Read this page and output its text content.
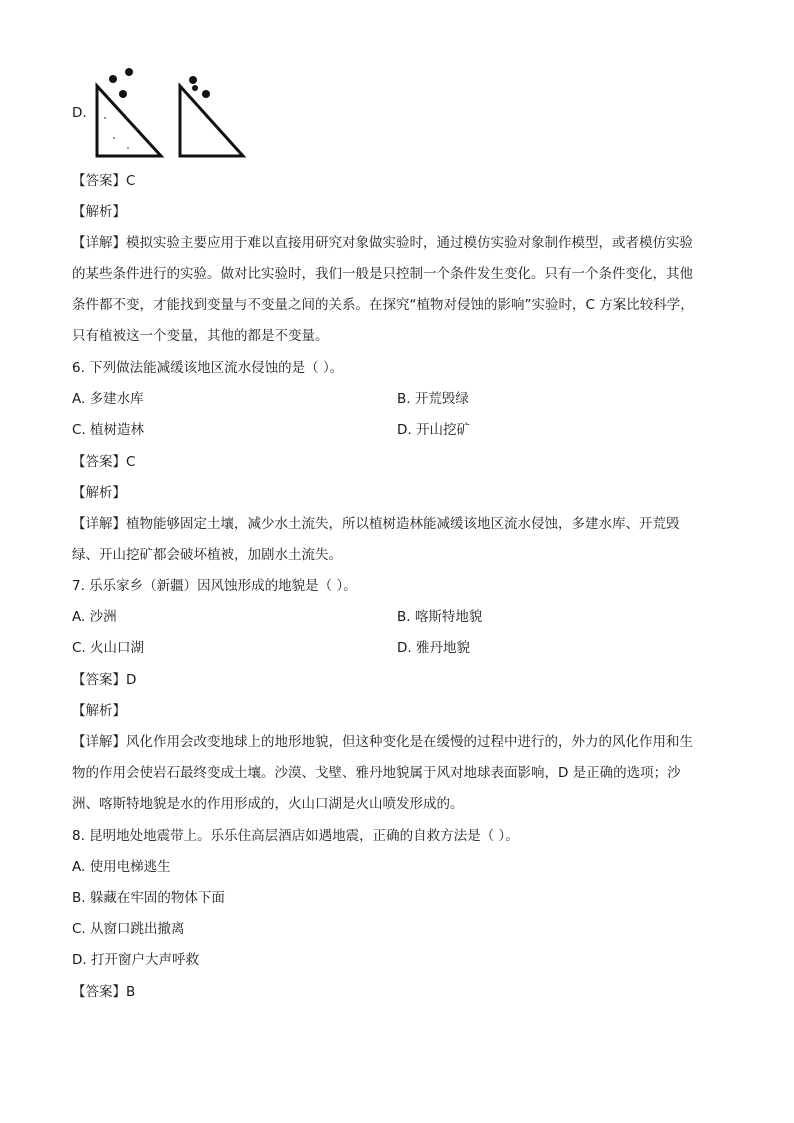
D.
【答案】C
【解析】
【详解】模拟实验主要应用于难以直接用研究对象做实验时，通过模仿实验对象制作模型，或者模仿实验
的某些条件进行的实验。做对比实验时，我们一般是只控制一个条件发生变化。只有一个条件变化，其他
条件都不变，才能找到变量与不变量之间的关系。在探究“植物对侵蚀的影响”实验时，C 方案比较科学，
只有植被这一个变量，其他的都是不变量。
6. 下列做法能减缓该地区流水侵蚀的是（ ）。
A. 多建水库	B. 开荒毁绿
C. 植树造林	D. 开山挖矿
【答案】C
【解析】
【详解】植物能够固定土壤，减少水土流失，所以植树造林能减缓该地区流水侵蚀，多建水库、开荒毁
绿、开山挖矿都会破坏植被，加剧水土流失。
7. 乐乐家乡（新疆）因风蚀形成的地貌是（ ）。
A. 沙洲	B. 喀斯特地貌
C. 火山口湖	D. 雅丹地貌
【答案】D
【解析】
【详解】风化作用会改变地球上的地形地貌，但这种变化是在缓慢的过程中进行的，外力的风化作用和生
物的作用会使岩石最终变成土壤。沙漠、戈壁、雅丹地貌属于风对地球表面影响，D 是正确的选项；沙
洲、喀斯特地貌是水的作用形成的，火山口湖是火山喷发形成的。
8. 昆明地处地震带上。乐乐住高层酒店如遇地震，正确的自救方法是（ ）。
A. 使用电梯逃生
B. 躲藏在牢固的物体下面
C. 从窗口跳出撤离
D. 打开窗户大声呼救
【答案】B
